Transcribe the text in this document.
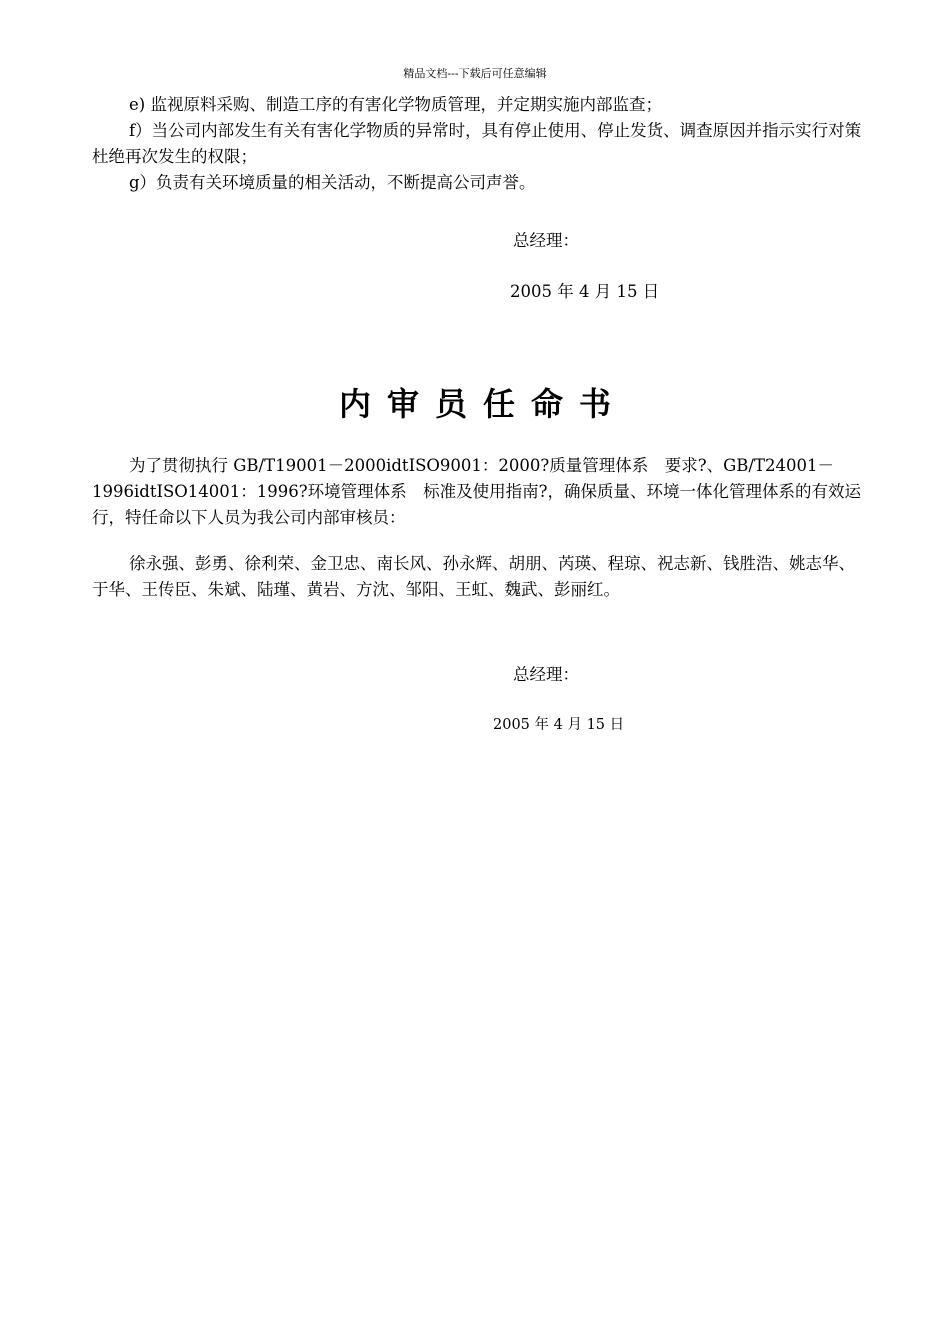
精品文档---下载后可任意编辑

e) 监视原料采购、制造工序的有害化学物质管理，并定期实施内部监查；

f）当公司内部发生有关有害化学物质的异常时，具有停止使用、停止发货、调查原因并指示实行对策杜绝再次发生的权限；

g）负责有关环境质量的相关活动，不断提高公司声誉。

总经理：
2005 年 4 月 15 日
内审员任命书

为了贯彻执行 GB/T19001－2000idtISO9001：2000?质量管理体系　要求?、GB/T24001－1996idtISO14001：1996?环境管理体系　标准及使用指南?，确保质量、环境一体化管理体系的有效运行，特任命以下人员为我公司内部审核员：

徐永强、彭勇、徐利荣、金卫忠、南长风、孙永辉、胡朋、芮瑛、程琼、祝志新、钱胜浩、姚志华、于华、王传臣、朱斌、陆瑾、黄岩、方沈、邹阳、王虹、魏武、彭丽红。

总经理：
2005 年 4 月 15 日
